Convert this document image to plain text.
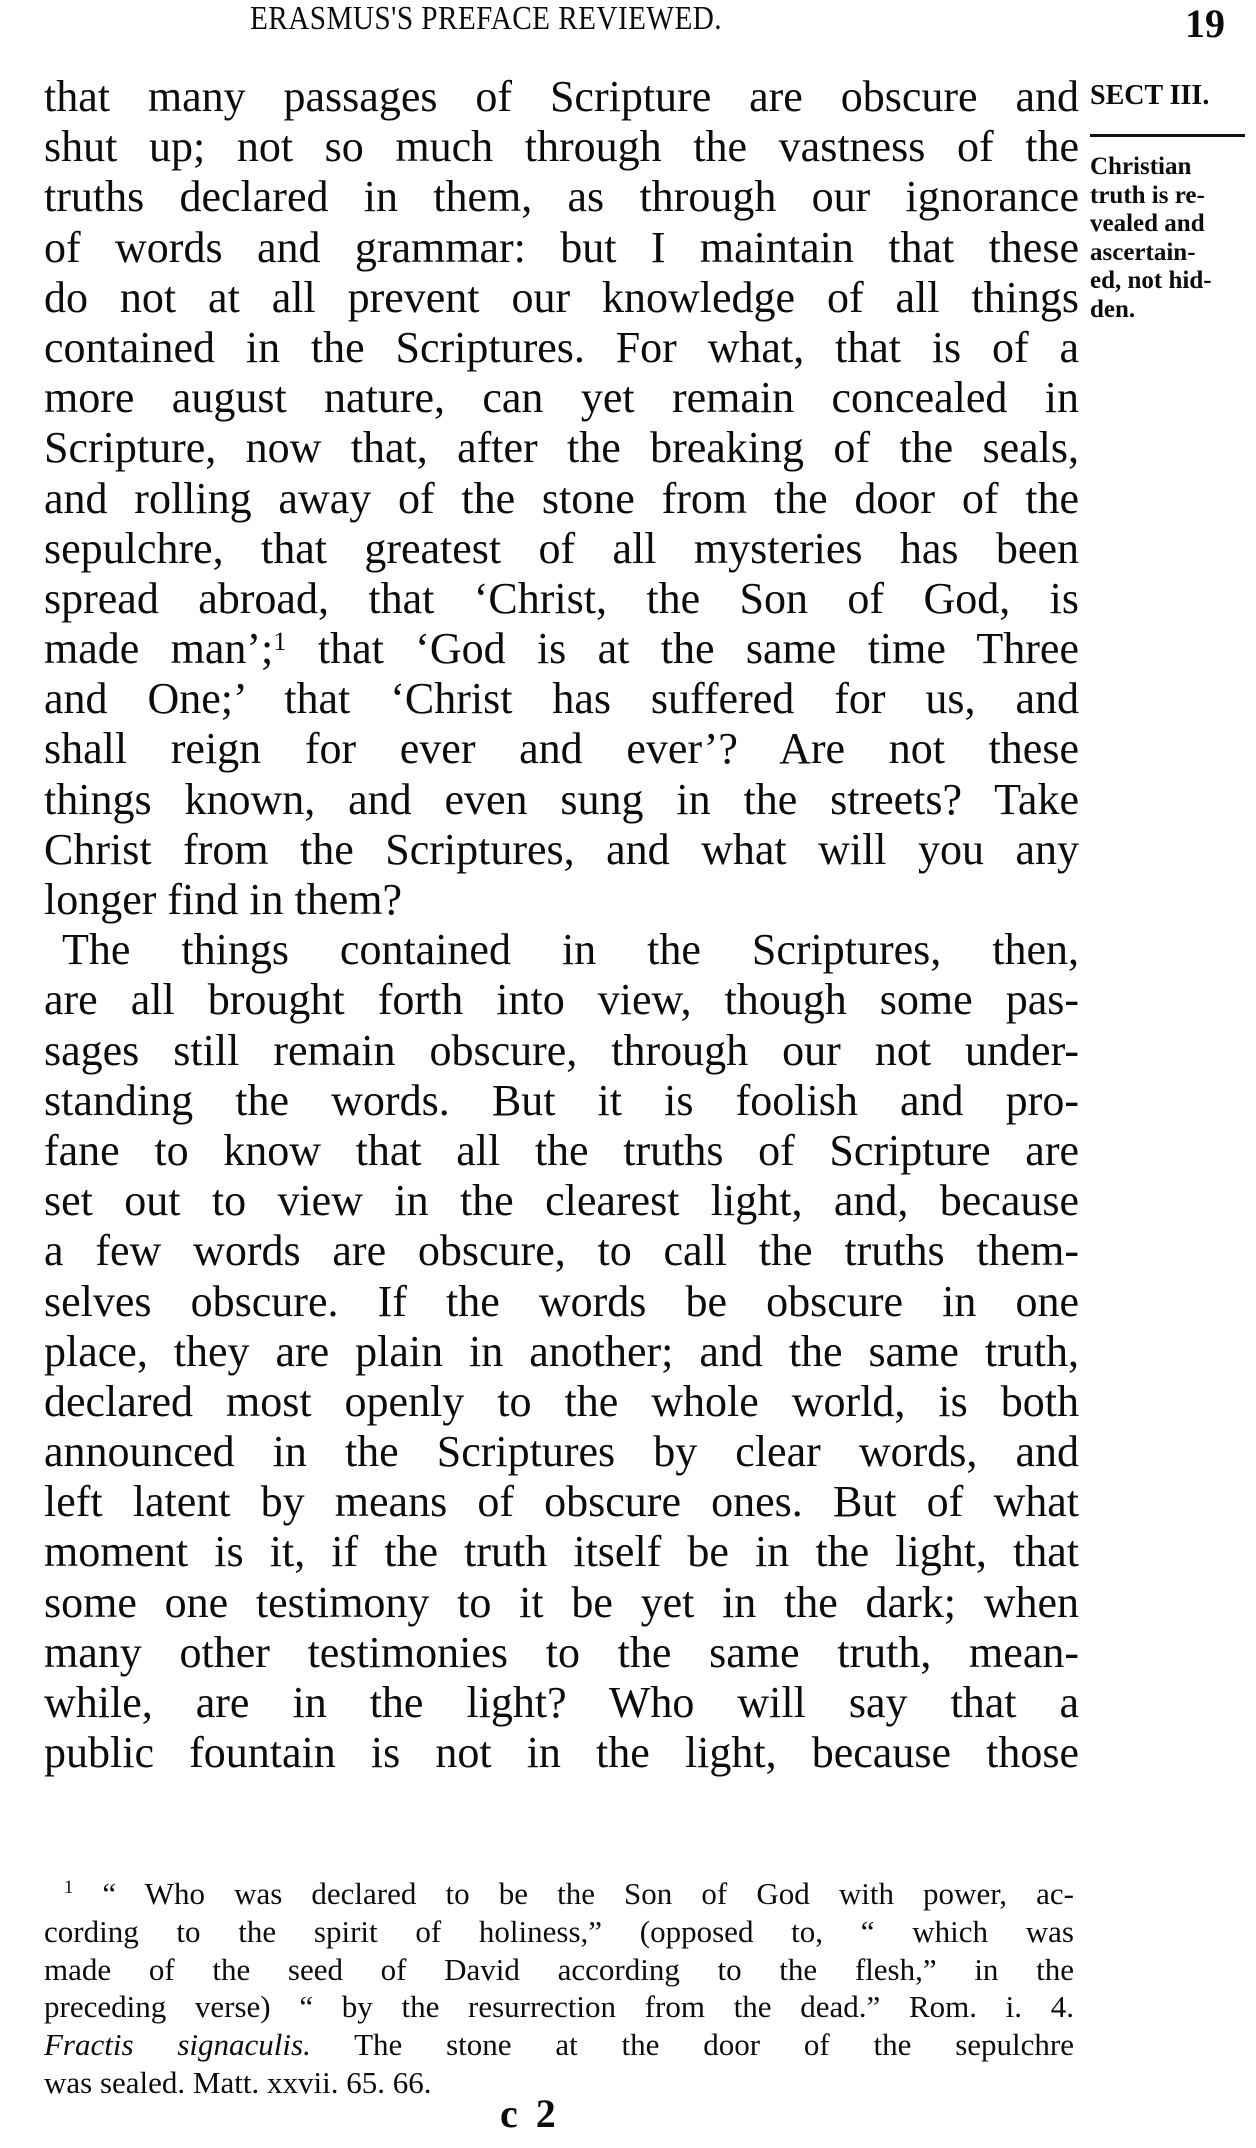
ERASMUS'S PREFACE REVIEWED.	19
SECT III.
Christian
truth is re-
vealed and
ascertain-
ed, not hid-
den.
that many passages of Scripture are obscure and
shut up; not so much through the vastness of the
truths declared in them, as through our ignorance
of words and grammar: but I maintain that these
do not at all prevent our knowledge of all things
contained in the Scriptures. For what, that is of a
more august nature, can yet remain concealed in
Scripture, now that, after the breaking of the seals,
and rolling away of the stone from the door of the
sepulchre, that greatest of all mysteries has been
spread abroad, that ‘Christ, the Son of God, is
made man’;$^1$ that ‘God is at the same time Three
and One;’ that ‘Christ has suffered for us, and
shall reign for ever and ever’? Are not these
things known, and even sung in the streets? Take
Christ from the Scriptures, and what will you any
longer find in them?
The things contained in the Scriptures, then,
are all brought forth into view, though some pas-
sages still remain obscure, through our not under-
standing the words. But it is foolish and pro-
fane to know that all the truths of Scripture are
set out to view in the clearest light, and, because
a few words are obscure, to call the truths them-
selves obscure. If the words be obscure in one
place, they are plain in another; and the same truth,
declared most openly to the whole world, is both
announced in the Scriptures by clear words, and
left latent by means of obscure ones. But of what
moment is it, if the truth itself be in the light, that
some one testimony to it be yet in the dark; when
many other testimonies to the same truth, mean-
while, are in the light? Who will say that a
public fountain is not in the light, because those
$^1$ “ Who was declared to be the Son of God with power, ac-
cording to the spirit of holiness,” (opposed to, “ which was
made of the seed of David according to the flesh,” in the
preceding verse) “ by the resurrection from the dead.” Rom. i. 4.
Fractis signaculis. The stone at the door of the sepulchre
was sealed. Matt. xxvii. 65. 66.
c 2
